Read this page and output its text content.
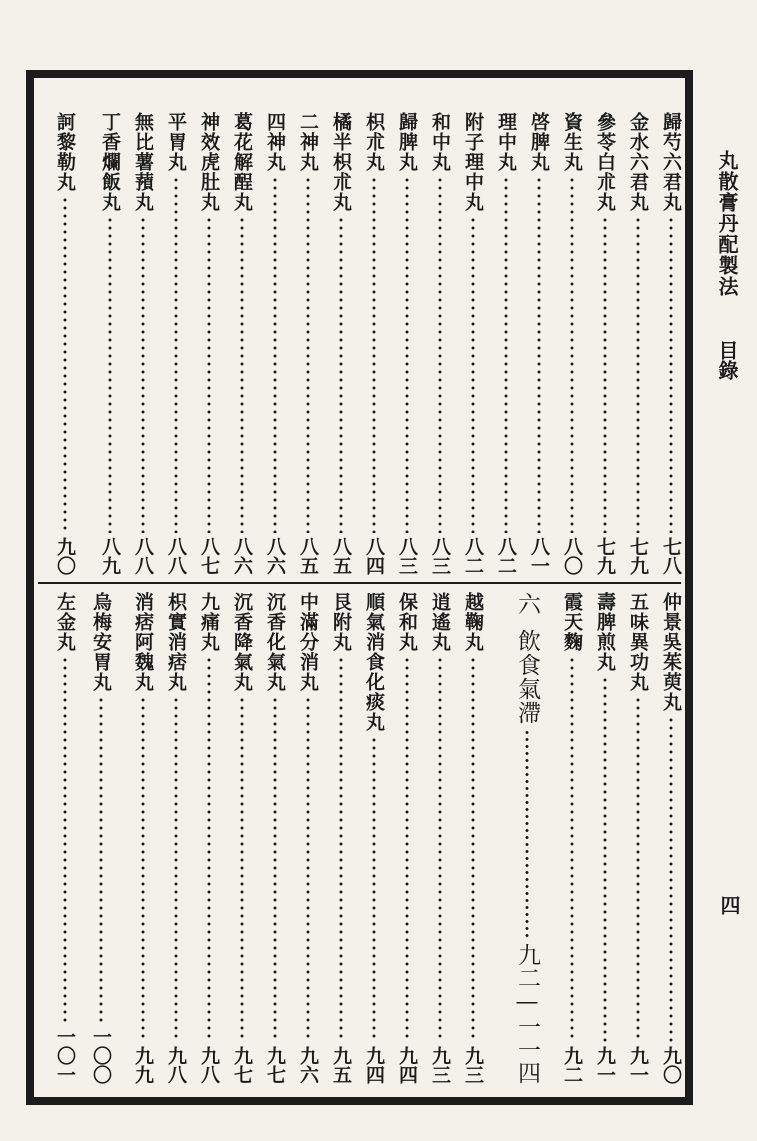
歸芍六君丸
七八
金水六君丸
七九
參苓白朮丸
七九
資生丸
八〇
啓脾丸
八一
理中丸
八二
附子理中丸
八二
和中丸
八三
歸脾丸
八三
枳朮丸
八四
橘半枳朮丸
八五
二神丸
八五
四神丸
八六
葛花解酲丸
八六
神效虎肚丸
八七
平胃丸
八八
無比薯蕷丸
八八
丁香爛飯丸
八九
訶黎勒丸
九〇
仲景吳茱萸丸
九〇
五味異功丸
九一
壽脾煎丸
九一
霞天麴
九二
六
飲食氣滯
九二—一一四
越鞠丸
九三
逍遙丸
九三
保和丸
九四
順氣消食化痰丸
九四
艮附丸
九五
中滿分消丸
九六
沉香化氣丸
九七
沉香降氣丸
九七
九痛丸
九八
枳實消痞丸
九八
消痞阿魏丸
九九
烏梅安胃丸
一〇〇
左金丸
一〇一
丸散膏丹配製法
目錄
四
